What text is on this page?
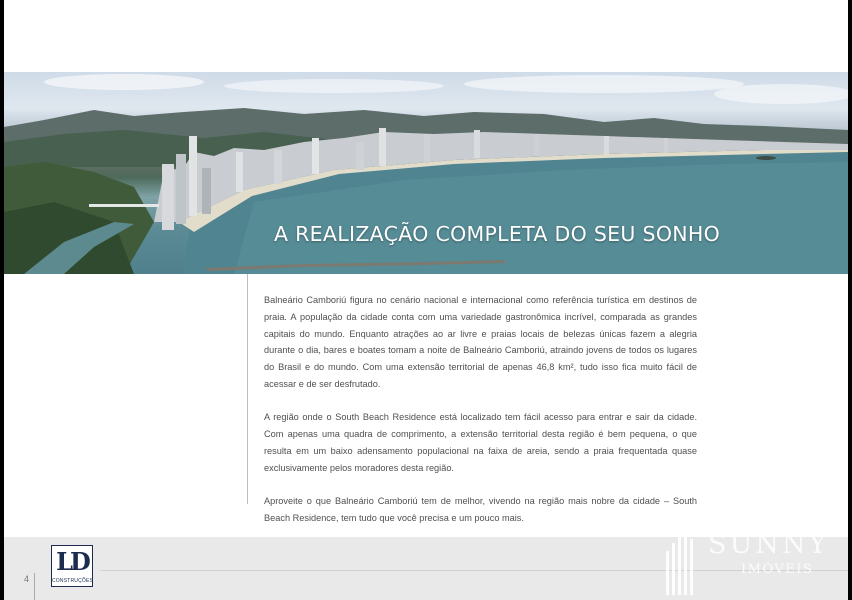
A REALIZAÇÃO COMPLETA DO SEU SONHO

Balneário Camboriú figura no cenário nacional e internacional como referência turística em destinos de praia. A população da cidade conta com uma variedade gastronômica incrível, comparada as grandes capitais do mundo. Enquanto atrações ao ar livre e praias locais de belezas únicas fazem a alegria durante o dia, bares e boates tomam a noite de Balneário Camboriú, atraindo jovens de todos os lugares do Brasil e do mundo. Com uma extensão territorial de apenas 46,8 km², tudo isso fica muito fácil de acessar e de ser desfrutado.

A região onde o South Beach Residence está localizado tem fácil acesso para entrar e sair da cidade. Com apenas uma quadra de comprimento, a extensão territorial desta região é bem pequena, o que resulta em um baixo adensamento populacional na faixa de areia, sendo a praia frequentada quase exclusivamente pelos moradores desta região.

Aproveite o que Balneário Camboriú tem de melhor, vivendo na região mais nobre da cidade – South Beach Residence, tem tudo que você precisa e um pouco mais.

4
LD
CONSTRUÇÕES
SUNNY
IMÓVEIS
